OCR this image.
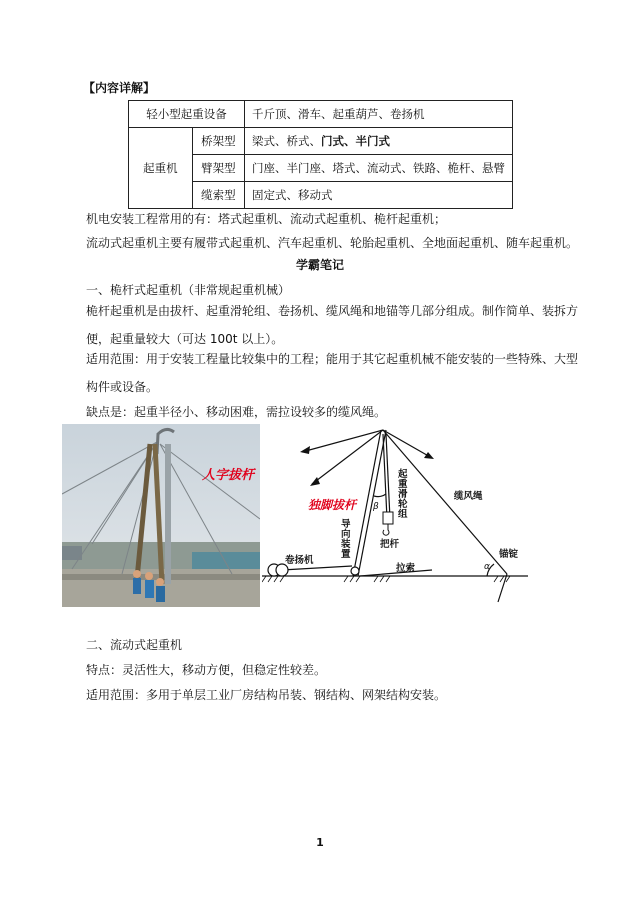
【内容详解】
轻小型起重设备		千斤顶、滑车、起重葫芦、卷扬机
起重机	桥架型	梁式、桥式、门式、半门式
	臂架型	门座、半门座、塔式、流动式、铁路、桅杆、悬臂
	缆索型	固定式、移动式
机电安装工程常用的有：塔式起重机、流动式起重机、桅杆起重机；
流动式起重机主要有履带式起重机、汽车起重机、轮胎起重机、全地面起重机、随车起重机。
学霸笔记
一、桅杆式起重机（非常规起重机械）
桅杆起重机是由拔杆、起重滑轮组、卷扬机、缆风绳和地锚等几部分组成。制作简单、装拆方便，起重量较大（可达 100t 以上）。
适用范围：用于安装工程量比较集中的工程；能用于其它起重机械不能安装的一些特殊、大型构件或设备。
缺点是：起重半径小、移动困难，需拉设较多的缆风绳。
人字拔杆
独脚拔杆
起重滑轮组
β
导向装置
把杆
卷扬机
拉索
缆风绳
锚锭
α
二、流动式起重机
特点：灵活性大，移动方便，但稳定性较差。
适用范围：多用于单层工业厂房结构吊装、钢结构、网架结构安装。
1
